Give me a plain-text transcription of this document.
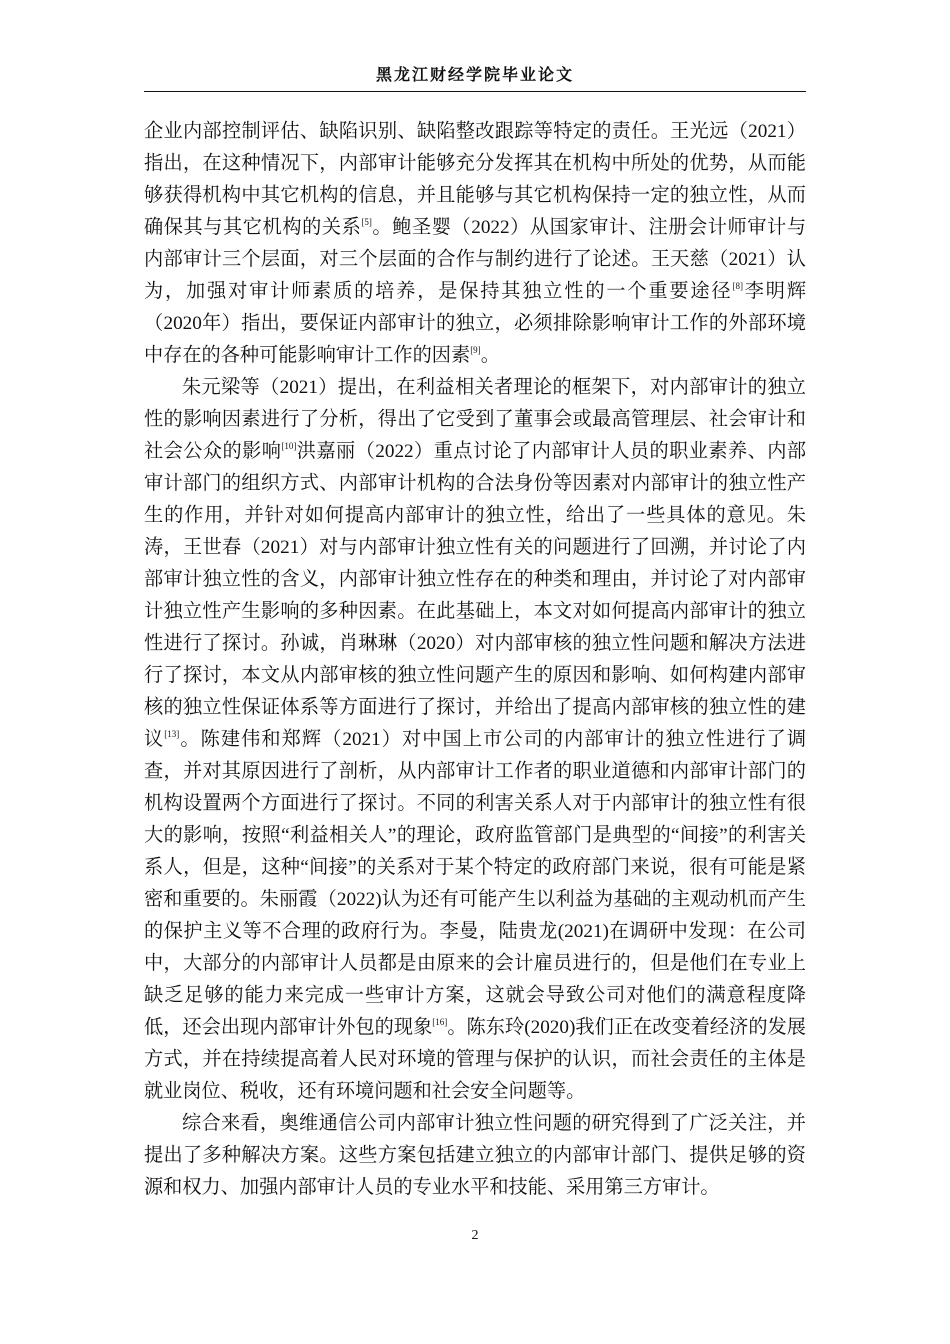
黑龙江财经学院毕业论文

企业内部控制评估、缺陷识别、缺陷整改跟踪等特定的责任。王光远（2021）指出，在这种情况下，内部审计能够充分发挥其在机构中所处的优势，从而能够获得机构中其它机构的信息，并且能够与其它机构保持一定的独立性，从而确保其与其它机构的关系[5]。鲍圣婴（2022）从国家审计、注册会计师审计与内部审计三个层面，对三个层面的合作与制约进行了论述。王天慈（2021）认为，加强对审计师素质的培养，是保持其独立性的一个重要途径[8]李明辉（2020年）指出，要保证内部审计的独立，必须排除影响审计工作的外部环境中存在的各种可能影响审计工作的因素[9]。

朱元梁等（2021）提出，在利益相关者理论的框架下，对内部审计的独立性的影响因素进行了分析，得出了它受到了董事会或最高管理层、社会审计和社会公众的影响[10]洪嘉丽（2022）重点讨论了内部审计人员的职业素养、内部审计部门的组织方式、内部审计机构的合法身份等因素对内部审计的独立性产生的作用，并针对如何提高内部审计的独立性，给出了一些具体的意见。朱涛，王世春（2021）对与内部审计独立性有关的问题进行了回溯，并讨论了内部审计独立性的含义，内部审计独立性存在的种类和理由，并讨论了对内部审计独立性产生影响的多种因素。在此基础上，本文对如何提高内部审计的独立性进行了探讨。孙诚，肖琳琳（2020）对内部审核的独立性问题和解决方法进行了探讨，本文从内部审核的独立性问题产生的原因和影响、如何构建内部审核的独立性保证体系等方面进行了探讨，并给出了提高内部审核的独立性的建议[13]。陈建伟和郑辉（2021）对中国上市公司的内部审计的独立性进行了调查，并对其原因进行了剖析，从内部审计工作者的职业道德和内部审计部门的机构设置两个方面进行了探讨。不同的利害关系人对于内部审计的独立性有很大的影响，按照“利益相关人”的理论，政府监管部门是典型的“间接”的利害关系人，但是，这种“间接”的关系对于某个特定的政府部门来说，很有可能是紧密和重要的。朱丽霞（2022)认为还有可能产生以利益为基础的主观动机而产生的保护主义等不合理的政府行为。李曼，陆贵龙(2021)在调研中发现：在公司中，大部分的内部审计人员都是由原来的会计雇员进行的，但是他们在专业上缺乏足够的能力来完成一些审计方案，这就会导致公司对他们的满意程度降低，还会出现内部审计外包的现象[16]。陈东玲(2020)我们正在改变着经济的发展方式，并在持续提高着人民对环境的管理与保护的认识，而社会责任的主体是就业岗位、税收，还有环境问题和社会安全问题等。

综合来看，奥维通信公司内部审计独立性问题的研究得到了广泛关注，并提出了多种解决方案。这些方案包括建立独立的内部审计部门、提供足够的资源和权力、加强内部审计人员的专业水平和技能、采用第三方审计。

2
